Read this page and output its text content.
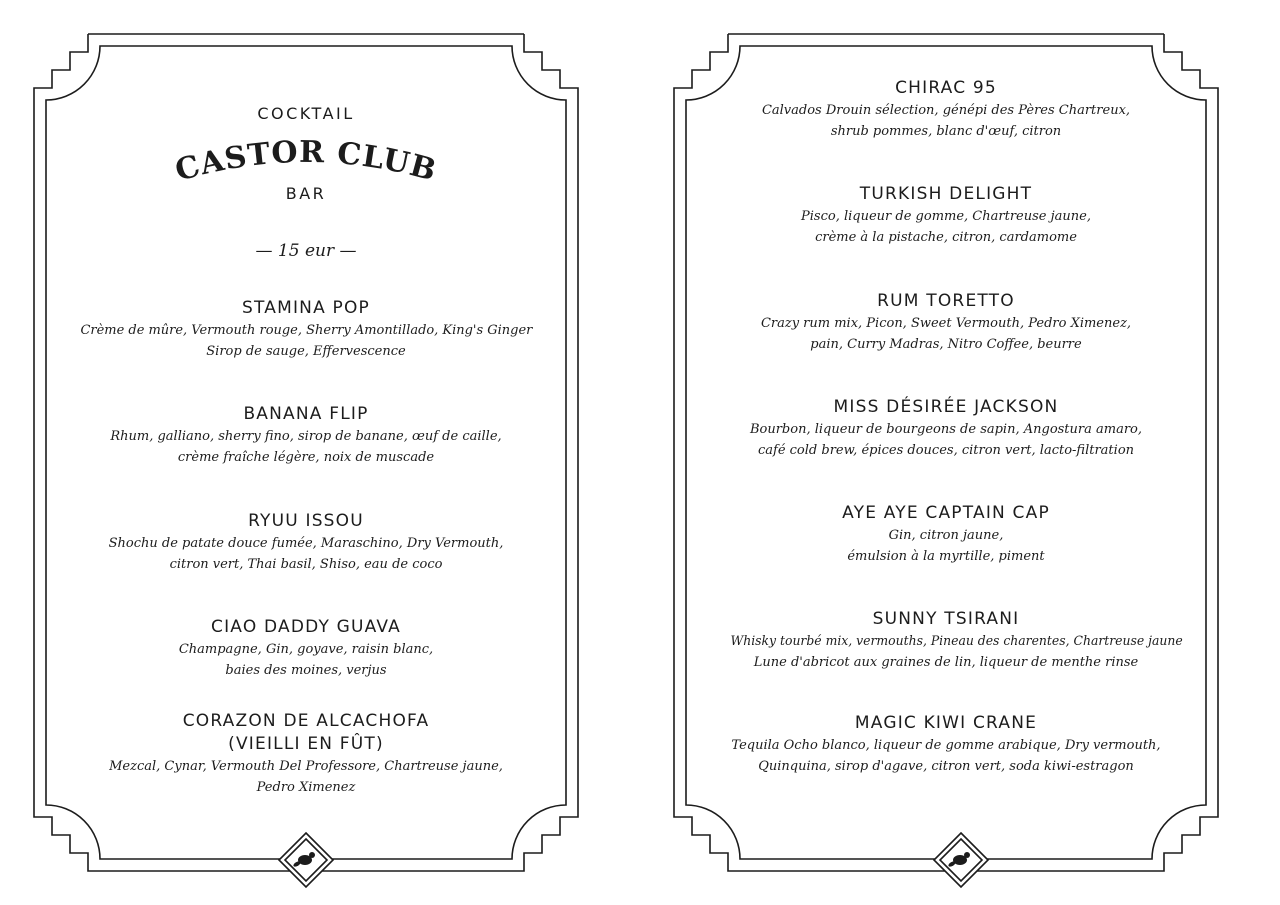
COCKTAIL
CASTOR CLUB
BAR
— 15 eur —
STAMINA POP
Crème de mûre, Vermouth rouge, Sherry Amontillado, King's Ginger
Sirop de sauge, Effervescence
BANANA FLIP
Rhum, galliano, sherry fino, sirop de banane, œuf de caille,
crème fraîche légère, noix de muscade
RYUU ISSOU
Shochu de patate douce fumée, Maraschino, Dry Vermouth,
citron vert, Thai basil, Shiso, eau de coco
CIAO DADDY GUAVA
Champagne, Gin, goyave, raisin blanc,
baies des moines, verjus
CORAZON DE ALCACHOFA
(VIEILLI EN FÛT)
Mezcal, Cynar, Vermouth Del Professore, Chartreuse jaune,
Pedro Ximenez
CHIRAC 95
Calvados Drouin sélection, génépi des Pères Chartreux,
shrub pommes, blanc d'œuf, citron
TURKISH DELIGHT
Pisco, liqueur de gomme, Chartreuse jaune,
crème à la pistache, citron, cardamome
RUM TORETTO
Crazy rum mix, Picon, Sweet Vermouth, Pedro Ximenez,
pain, Curry Madras, Nitro Coffee, beurre
MISS DÉSIRÉE JACKSON
Bourbon, liqueur de bourgeons de sapin, Angostura amaro,
café cold brew, épices douces, citron vert, lacto-filtration
AYE AYE CAPTAIN CAP
Gin, citron jaune,
émulsion à la myrtille, piment
SUNNY TSIRANI
Whisky tourbé mix, vermouths, Pineau des charentes, Chartreuse jaune
Lune d'abricot aux graines de lin, liqueur de menthe rinse
MAGIC KIWI CRANE
Tequila Ocho blanco, liqueur de gomme arabique, Dry vermouth,
Quinquina, sirop d'agave, citron vert, soda kiwi-estragon
